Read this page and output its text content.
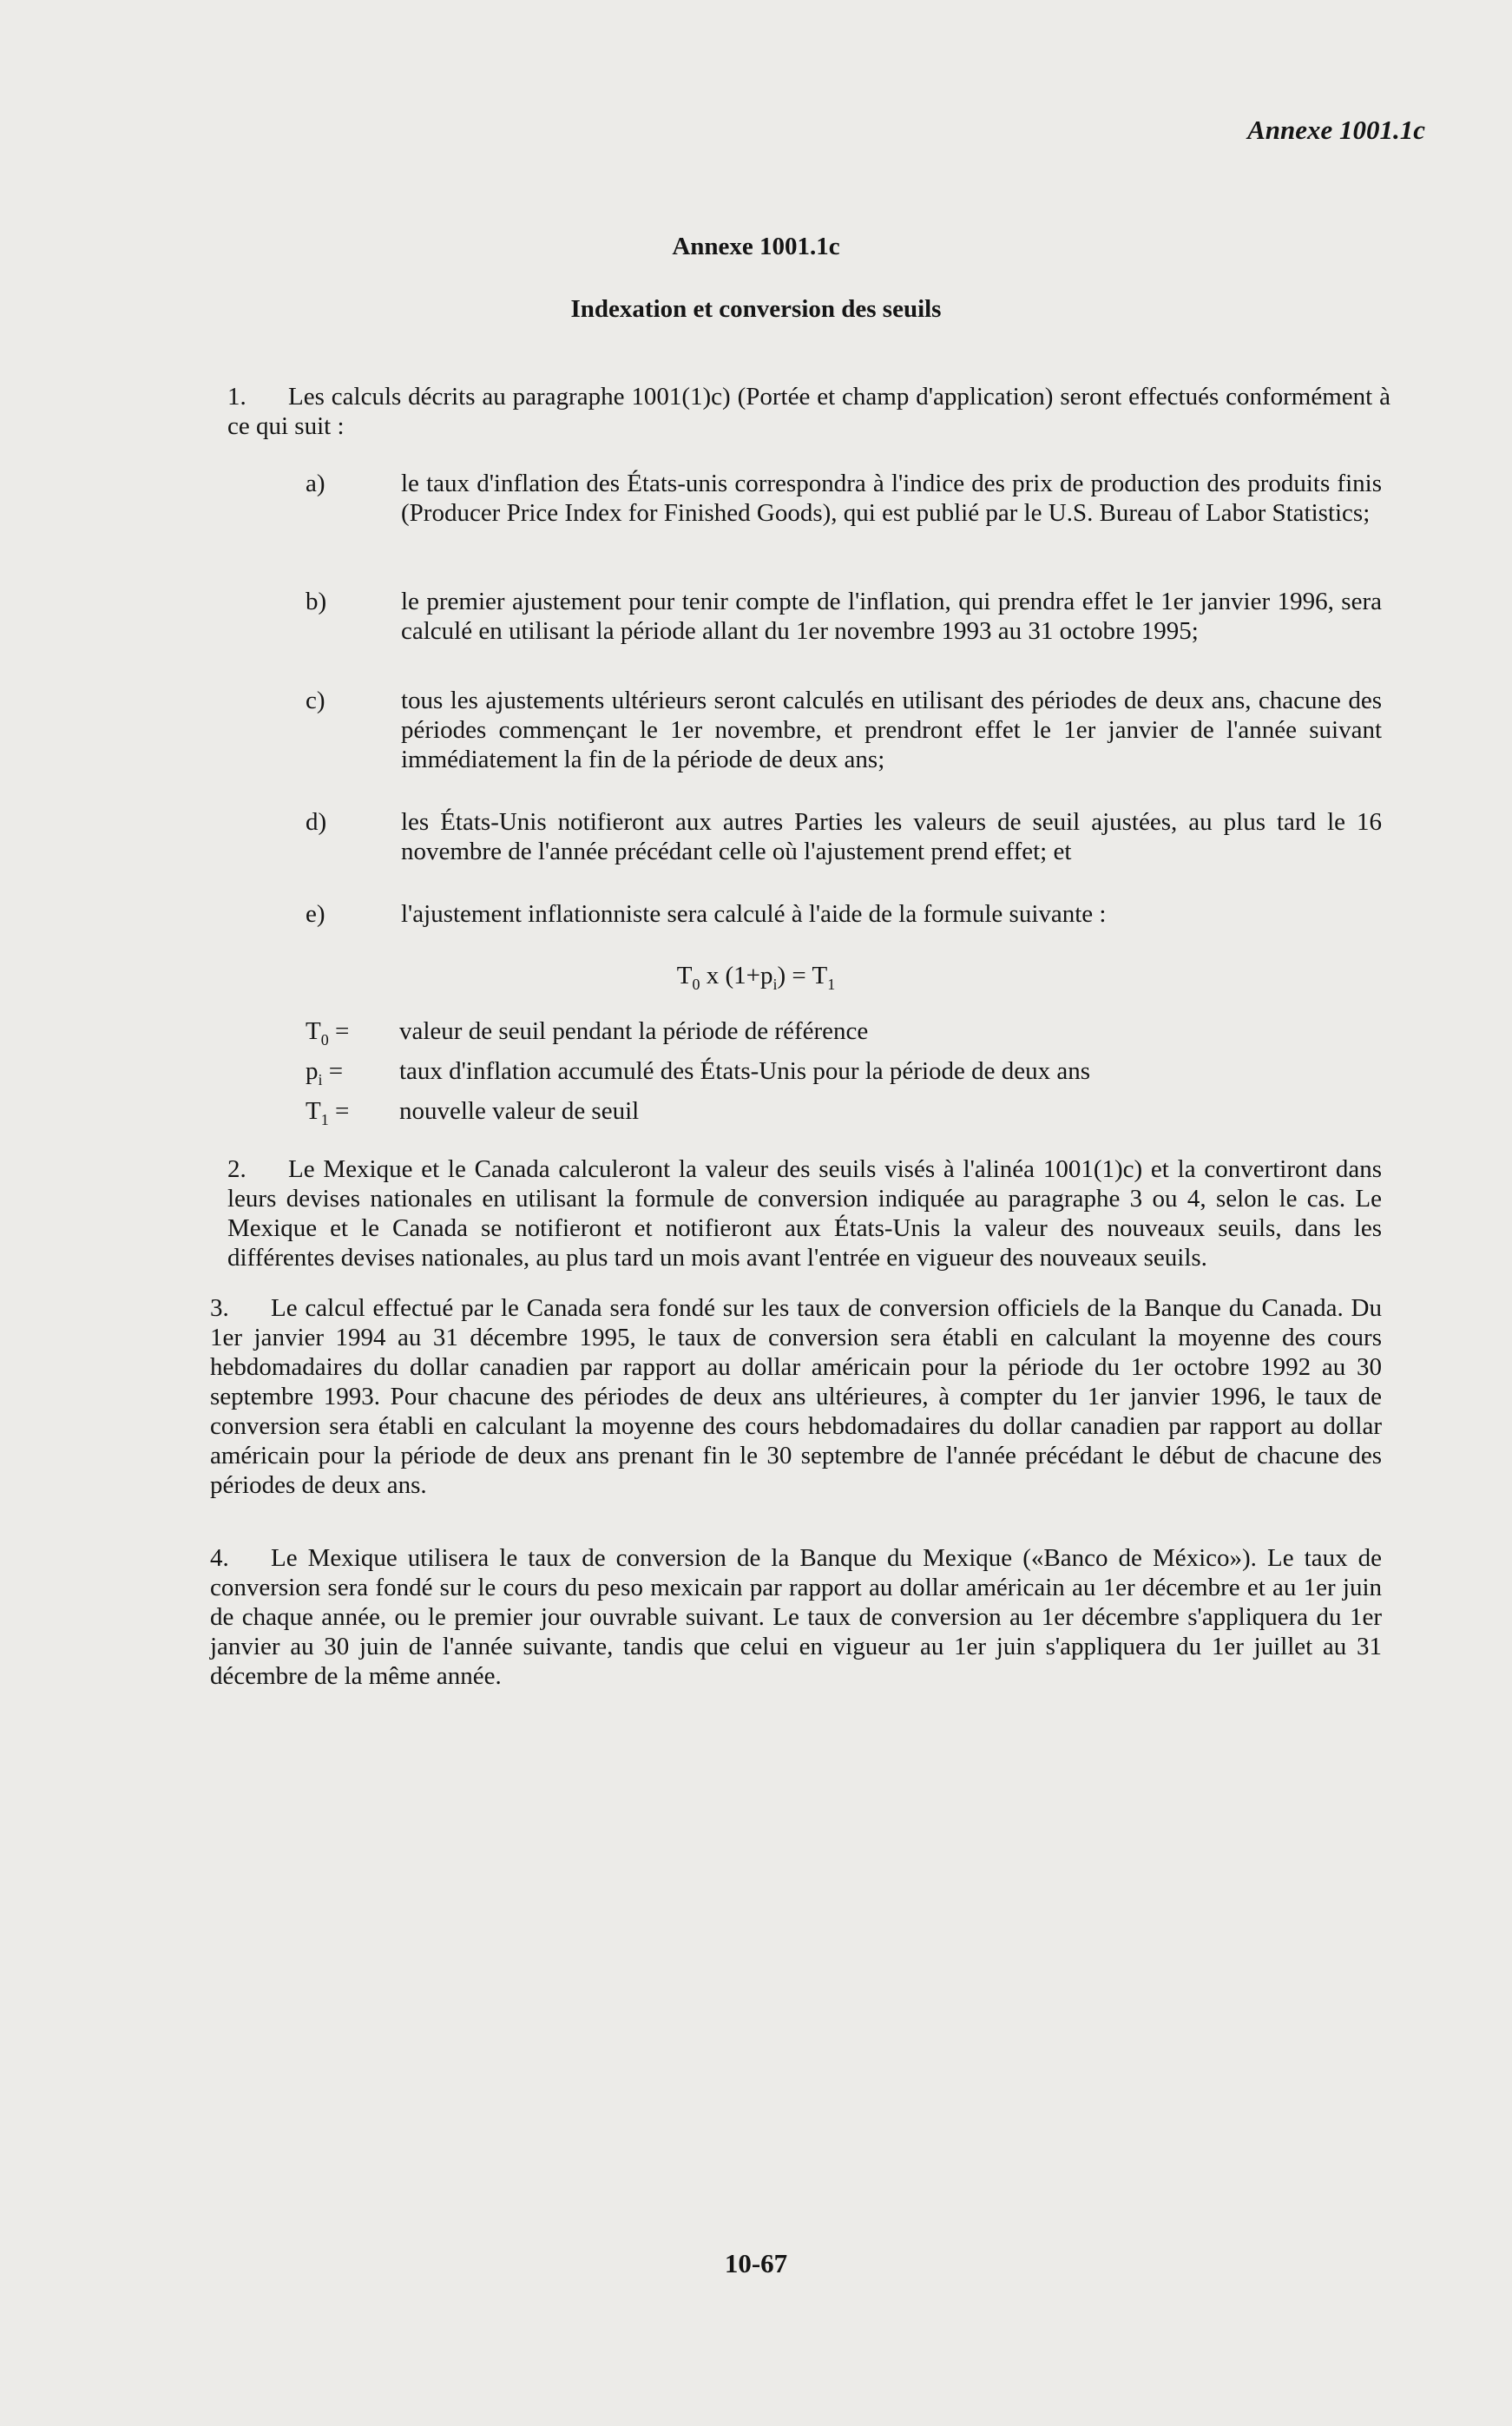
Annexe 1001.1c
Annexe 1001.1c
Indexation et conversion des seuils
1. Les calculs décrits au paragraphe 1001(1)c) (Portée et champ d'application) seront effectués conformément à ce qui suit :
a)	le taux d'inflation des États-unis correspondra à l'indice des prix de production des produits finis (Producer Price Index for Finished Goods), qui est publié par le U.S. Bureau of Labor Statistics;
b)	le premier ajustement pour tenir compte de l'inflation, qui prendra effet le 1er janvier 1996, sera calculé en utilisant la période allant du 1er novembre 1993 au 31 octobre 1995;
c)	tous les ajustements ultérieurs seront calculés en utilisant des périodes de deux ans, chacune des périodes commençant le 1er novembre, et prendront effet le 1er janvier de l'année suivant immédiatement la fin de la période de deux ans;
d)	les États-Unis notifieront aux autres Parties les valeurs de seuil ajustées, au plus tard le 16 novembre de l'année précédant celle où l'ajustement prend effet; et
e)	l'ajustement inflationniste sera calculé à l'aide de la formule suivante :
$T_0$ x $(1+p_i) = T_1$
$T_0$ =	valeur de seuil pendant la période de référence
$p_i$ =	taux d'inflation accumulé des États-Unis pour la période de deux ans
$T_1$ =	nouvelle valeur de seuil
2. Le Mexique et le Canada calculeront la valeur des seuils visés à l'alinéa 1001(1)c) et la convertiront dans leurs devises nationales en utilisant la formule de conversion indiquée au paragraphe 3 ou 4, selon le cas. Le Mexique et le Canada se notifieront et notifieront aux États-Unis la valeur des nouveaux seuils, dans les différentes devises nationales, au plus tard un mois avant l'entrée en vigueur des nouveaux seuils.
3. Le calcul effectué par le Canada sera fondé sur les taux de conversion officiels de la Banque du Canada. Du 1er janvier 1994 au 31 décembre 1995, le taux de conversion sera établi en calculant la moyenne des cours hebdomadaires du dollar canadien par rapport au dollar américain pour la période du 1er octobre 1992 au 30 septembre 1993. Pour chacune des périodes de deux ans ultérieures, à compter du 1er janvier 1996, le taux de conversion sera établi en calculant la moyenne des cours hebdomadaires du dollar canadien par rapport au dollar américain pour la période de deux ans prenant fin le 30 septembre de l'année précédant le début de chacune des périodes de deux ans.
4. Le Mexique utilisera le taux de conversion de la Banque du Mexique («Banco de México»). Le taux de conversion sera fondé sur le cours du peso mexicain par rapport au dollar américain au 1er décembre et au 1er juin de chaque année, ou le premier jour ouvrable suivant. Le taux de conversion au 1er décembre s'appliquera du 1er janvier au 30 juin de l'année suivante, tandis que celui en vigueur au 1er juin s'appliquera du 1er juillet au 31 décembre de la même année.
10-67
